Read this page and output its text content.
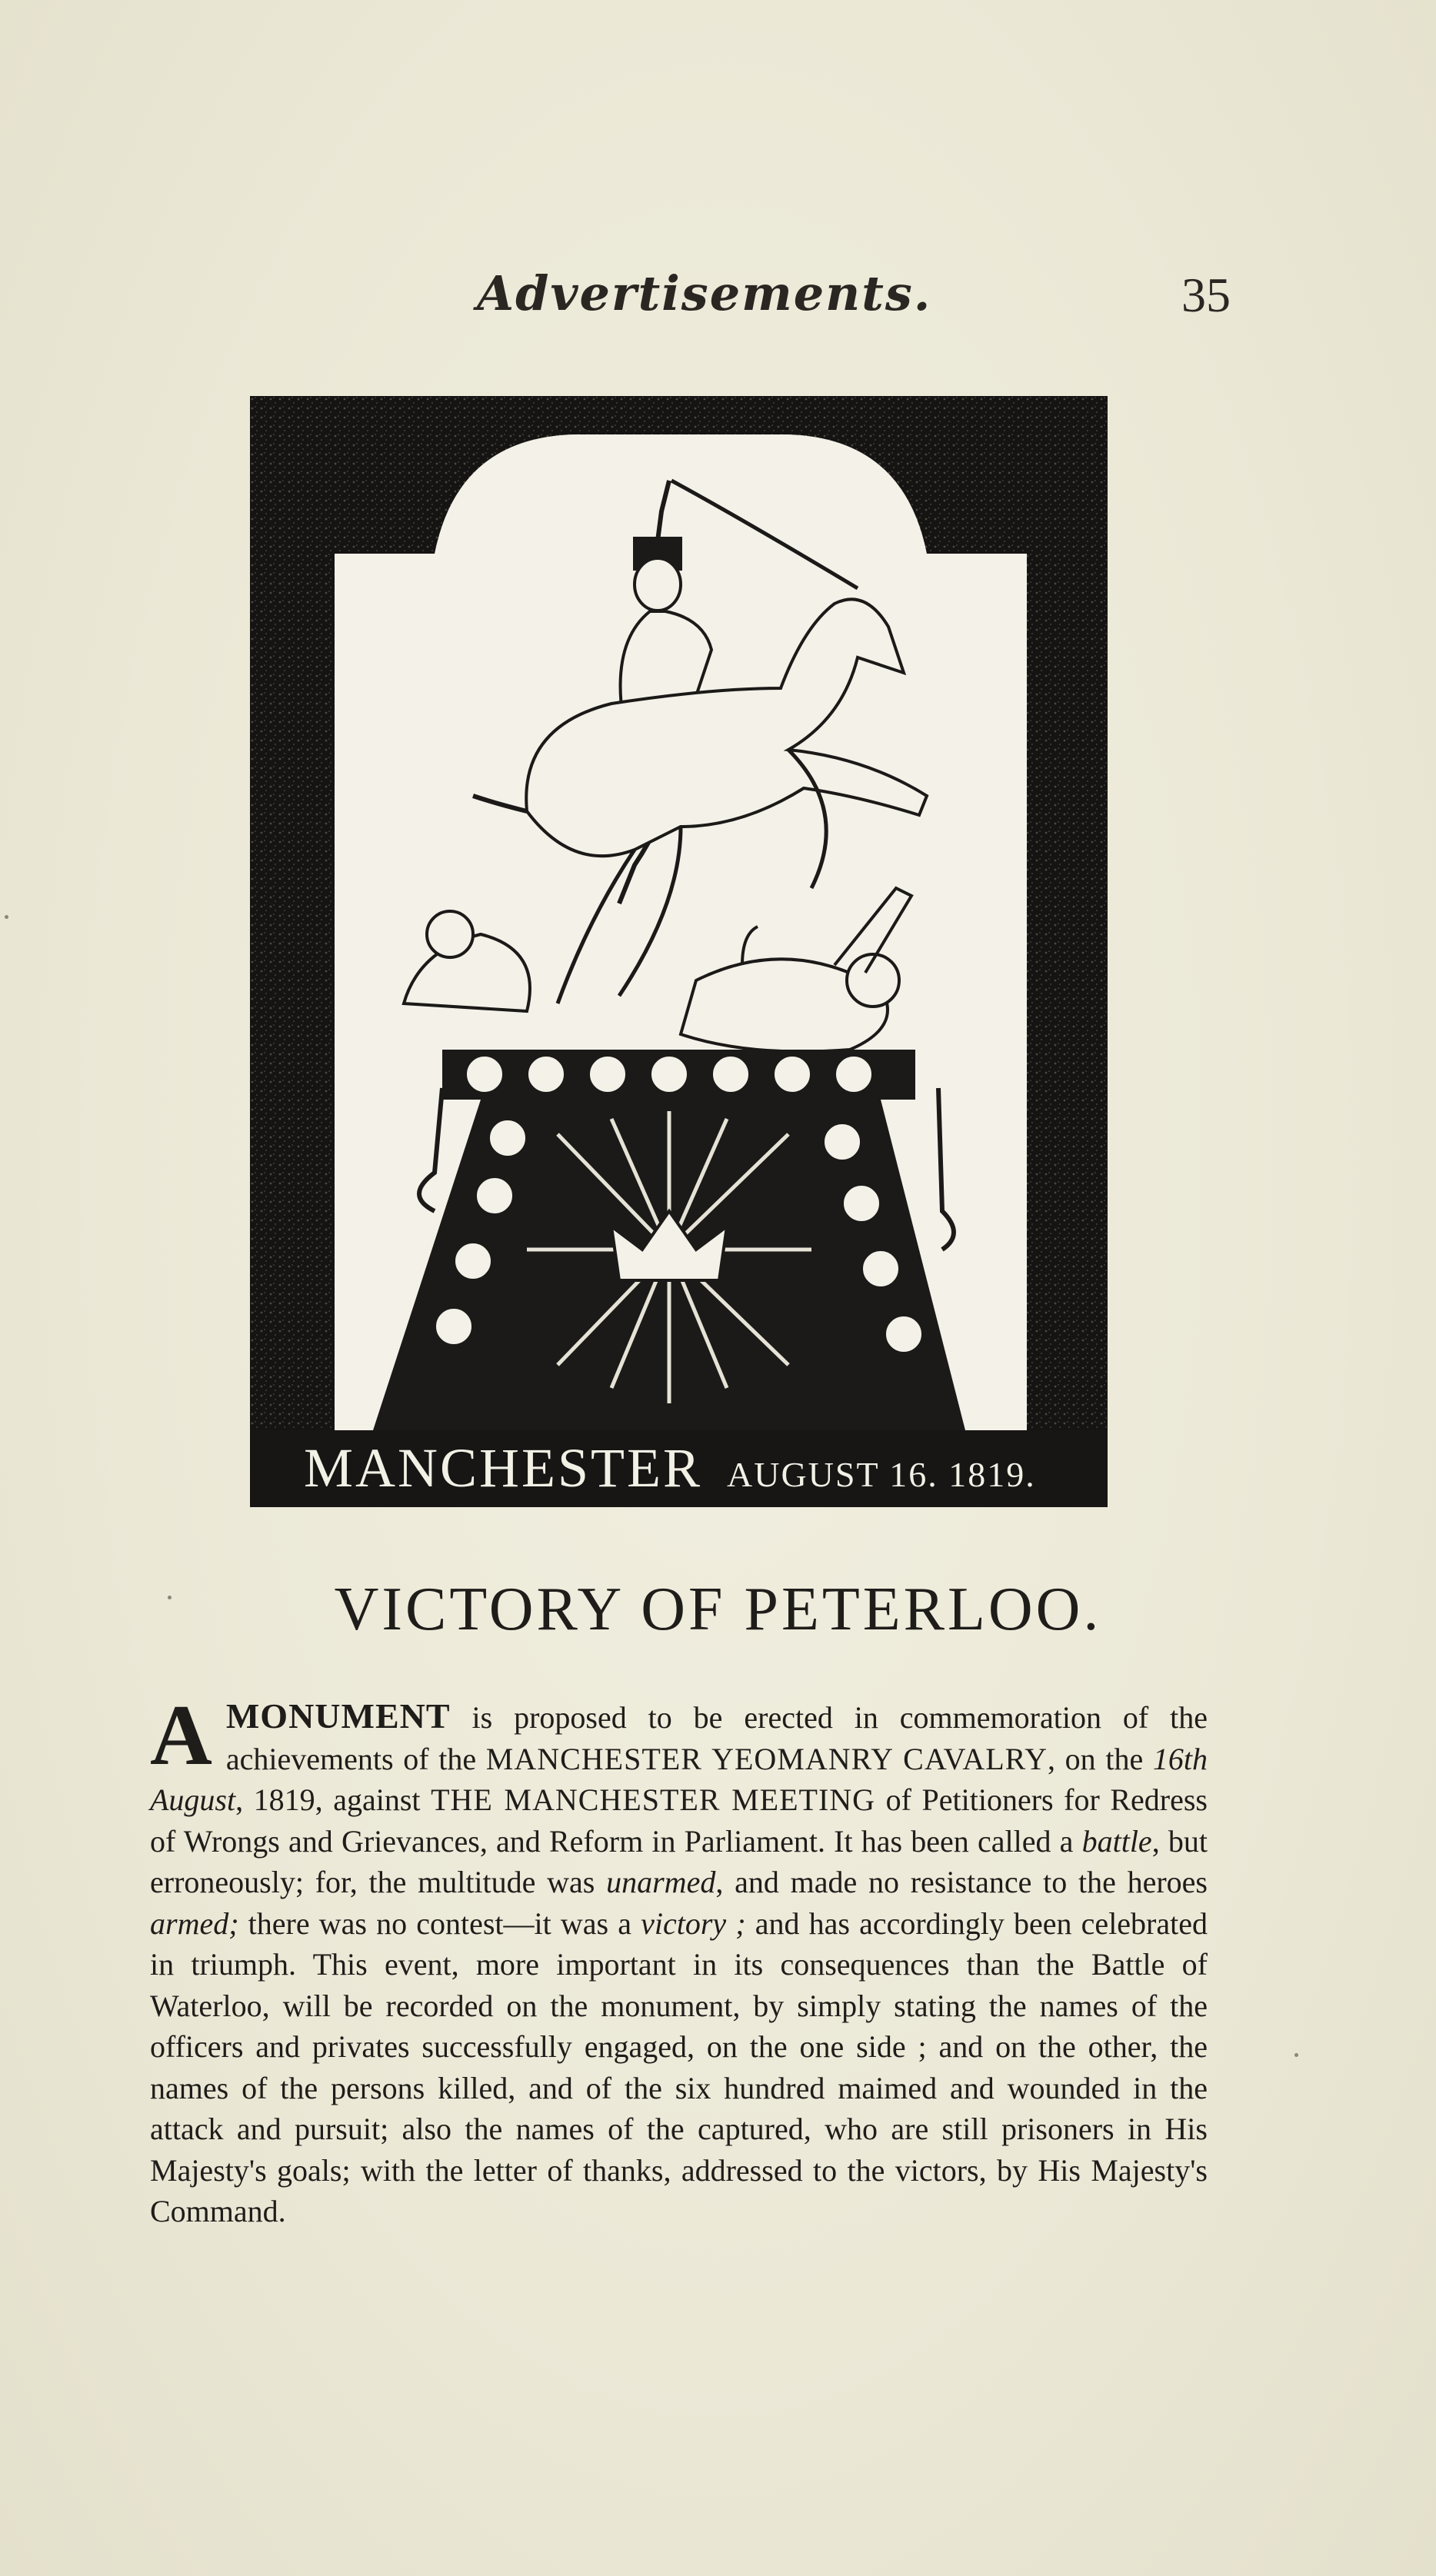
Advertisements.	35
MANCHESTER AUGUST 16. 1819.
VICTORY OF PETERLOO.
AMONUMENT is proposed to be erected in commemoration of the achievements of the MANCHESTER YEOMANRY CAVALRY, on the 16th August, 1819, against THE MANCHESTER MEETING of Petitioners for Redress of Wrongs and Grievances, and Reform in Parliament. It has been called a battle, but erroneously; for, the multitude was unarmed, and made no resistance to the heroes armed; there was no contest—it was a victory ; and has accordingly been celebrated in triumph. This event, more important in its consequences than the Battle of Waterloo, will be recorded on the monument, by simply stating the names of the officers and privates successfully engaged, on the one side ; and on the other, the names of the persons killed, and of the six hundred maimed and wounded in the attack and pursuit; also the names of the captured, who are still prisoners in His Majesty's goals; with the letter of thanks, addressed to the victors, by His Majesty's Command.
